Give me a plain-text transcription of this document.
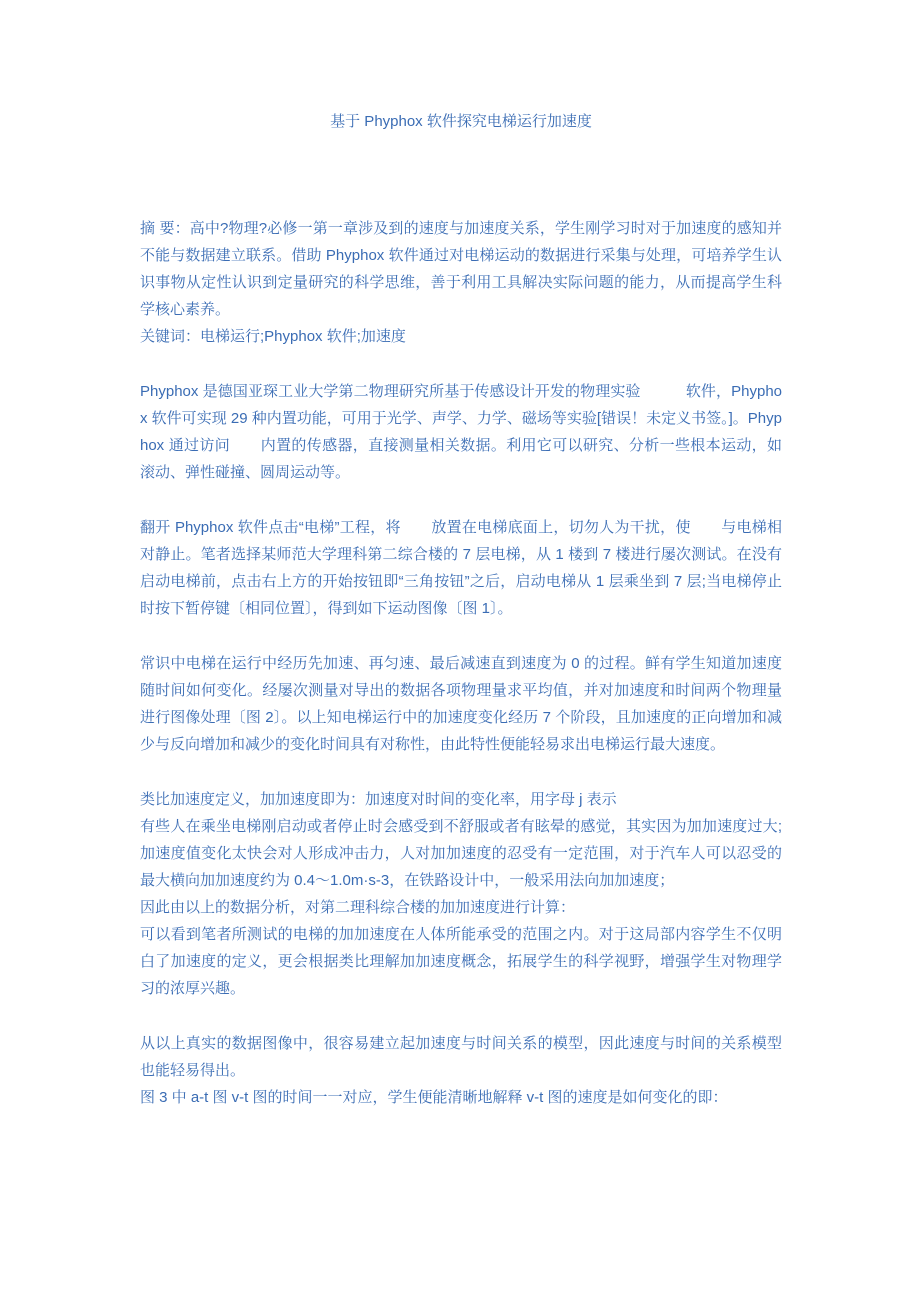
基于 Phyphox 软件探究电梯运行加速度

摘 要：高中?物理?必修一第一章涉及到的速度与加速度关系，学生刚学习时对于加速度的感知并不能与数据建立联系。借助 Phyphox 软件通过对电梯运动的数据进行采集与处理，可培养学生认识事物从定性认识到定量研究的科学思维，善于利用工具解决实际问题的能力，从而提高学生科学核心素养。

关键词：电梯运行;Phyphox 软件;加速度

Phyphox 是德国亚琛工业大学第二物理研究所基于传感设计开发的物理实验　　　软件，Phyphox 软件可实现 29 种内置功能，可用于光学、声学、力学、磁场等实验[错误！未定义书签。]。Phyphox 通过访问　　内置的传感器，直接测量相关数据。利用它可以研究、分析一些根本运动，如滚动、弹性碰撞、圆周运动等。

翻开 Phyphox 软件点击“电梯”工程，将　　放置在电梯底面上，切勿人为干扰，使　　与电梯相对静止。笔者选择某师范大学理科第二综合楼的 7 层电梯，从 1 楼到 7 楼进行屡次测试。在没有启动电梯前，点击右上方的开始按钮即“三角按钮”之后，启动电梯从 1 层乘坐到 7 层;当电梯停止时按下暂停键〔相同位置〕，得到如下运动图像〔图 1〕。

常识中电梯在运行中经历先加速、再匀速、最后减速直到速度为 0 的过程。鲜有学生知道加速度随时间如何变化。经屡次测量对导出的数据各项物理量求平均值，并对加速度和时间两个物理量进行图像处理〔图 2〕。以上知电梯运行中的加速度变化经历 7 个阶段，且加速度的正向增加和减少与反向增加和减少的变化时间具有对称性，由此特性便能轻易求出电梯运行最大速度。

类比加速度定义，加加速度即为：加速度对时间的变化率，用字母 j 表示

有些人在乘坐电梯刚启动或者停止时会感受到不舒服或者有眩晕的感觉，其实因为加加速度过大;加速度值变化太快会对人形成冲击力，人对加加速度的忍受有一定范围，对于汽车人可以忍受的最大横向加加速度约为 0.4～1.0m·s-3，在铁路设计中，一般采用法向加加速度；

因此由以上的数据分析，对第二理科综合楼的加加速度进行计算：

可以看到笔者所测试的电梯的加加速度在人体所能承受的范围之内。对于这局部内容学生不仅明白了加速度的定义，更会根据类比理解加加速度概念，拓展学生的科学视野，增强学生对物理学习的浓厚兴趣。

从以上真实的数据图像中，很容易建立起加速度与时间关系的模型，因此速度与时间的关系模型也能轻易得出。

图 3 中 a-t 图 v-t 图的时间一一对应，学生便能清晰地解释 v-t 图的速度是如何变化的即：
